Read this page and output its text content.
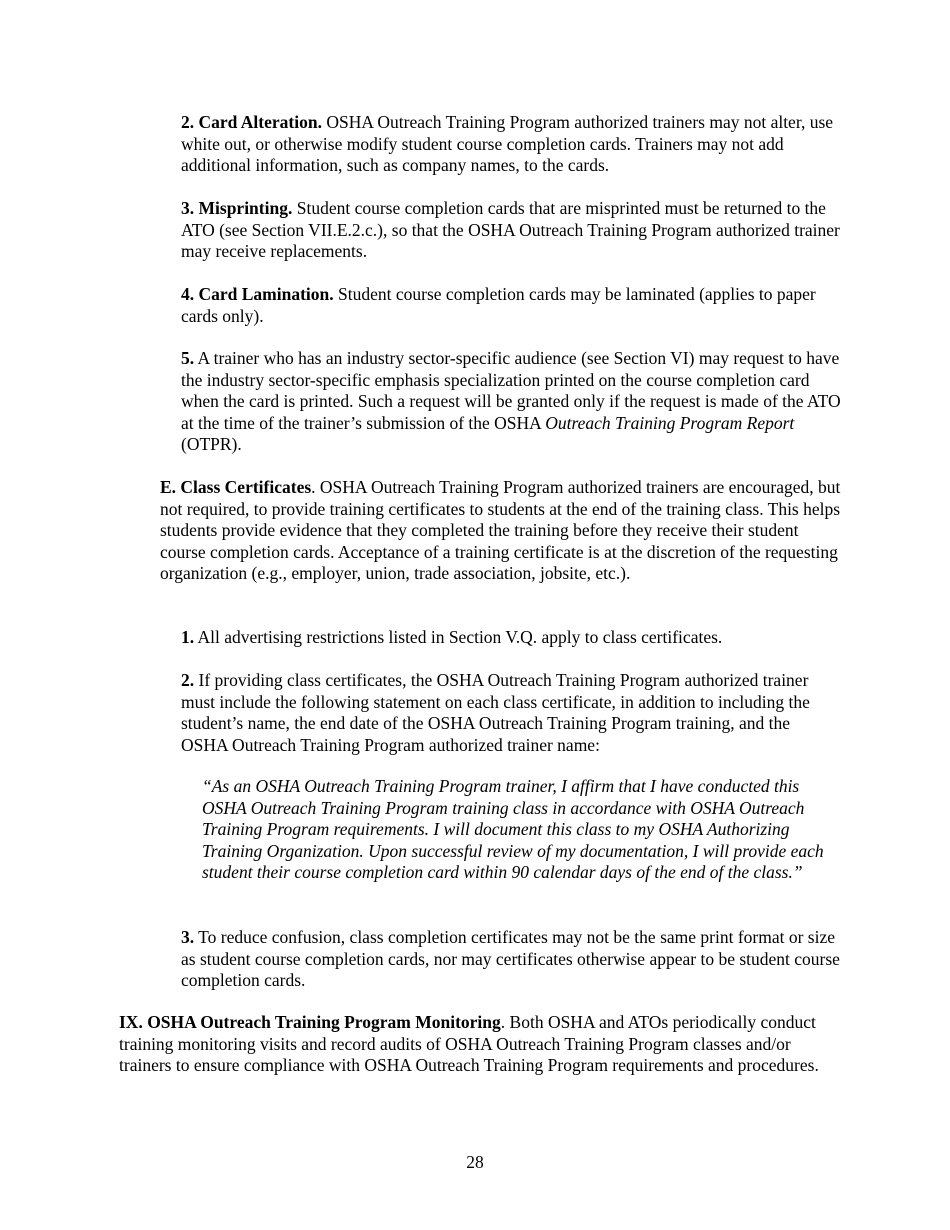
2. Card Alteration. OSHA Outreach Training Program authorized trainers may not alter, use white out, or otherwise modify student course completion cards. Trainers may not add additional information, such as company names, to the cards.

3. Misprinting. Student course completion cards that are misprinted must be returned to the ATO (see Section VII.E.2.c.), so that the OSHA Outreach Training Program authorized trainer may receive replacements.

4. Card Lamination. Student course completion cards may be laminated (applies to paper cards only).

5. A trainer who has an industry sector-specific audience (see Section VI) may request to have the industry sector-specific emphasis specialization printed on the course completion card when the card is printed. Such a request will be granted only if the request is made of the ATO at the time of the trainer’s submission of the OSHA Outreach Training Program Report (OTPR).

E. Class Certificates. OSHA Outreach Training Program authorized trainers are encouraged, but not required, to provide training certificates to students at the end of the training class. This helps students provide evidence that they completed the training before they receive their student course completion cards. Acceptance of a training certificate is at the discretion of the requesting organization (e.g., employer, union, trade association, jobsite, etc.).

1. All advertising restrictions listed in Section V.Q. apply to class certificates.

2. If providing class certificates, the OSHA Outreach Training Program authorized trainer must include the following statement on each class certificate, in addition to including the student’s name, the end date of the OSHA Outreach Training Program training, and the OSHA Outreach Training Program authorized trainer name:

“As an OSHA Outreach Training Program trainer, I affirm that I have conducted this OSHA Outreach Training Program training class in accordance with OSHA Outreach Training Program requirements. I will document this class to my OSHA Authorizing Training Organization. Upon successful review of my documentation, I will provide each student their course completion card within 90 calendar days of the end of the class.”

3. To reduce confusion, class completion certificates may not be the same print format or size as student course completion cards, nor may certificates otherwise appear to be student course completion cards.

IX. OSHA Outreach Training Program Monitoring. Both OSHA and ATOs periodically conduct training monitoring visits and record audits of OSHA Outreach Training Program classes and/or trainers to ensure compliance with OSHA Outreach Training Program requirements and procedures.

28
